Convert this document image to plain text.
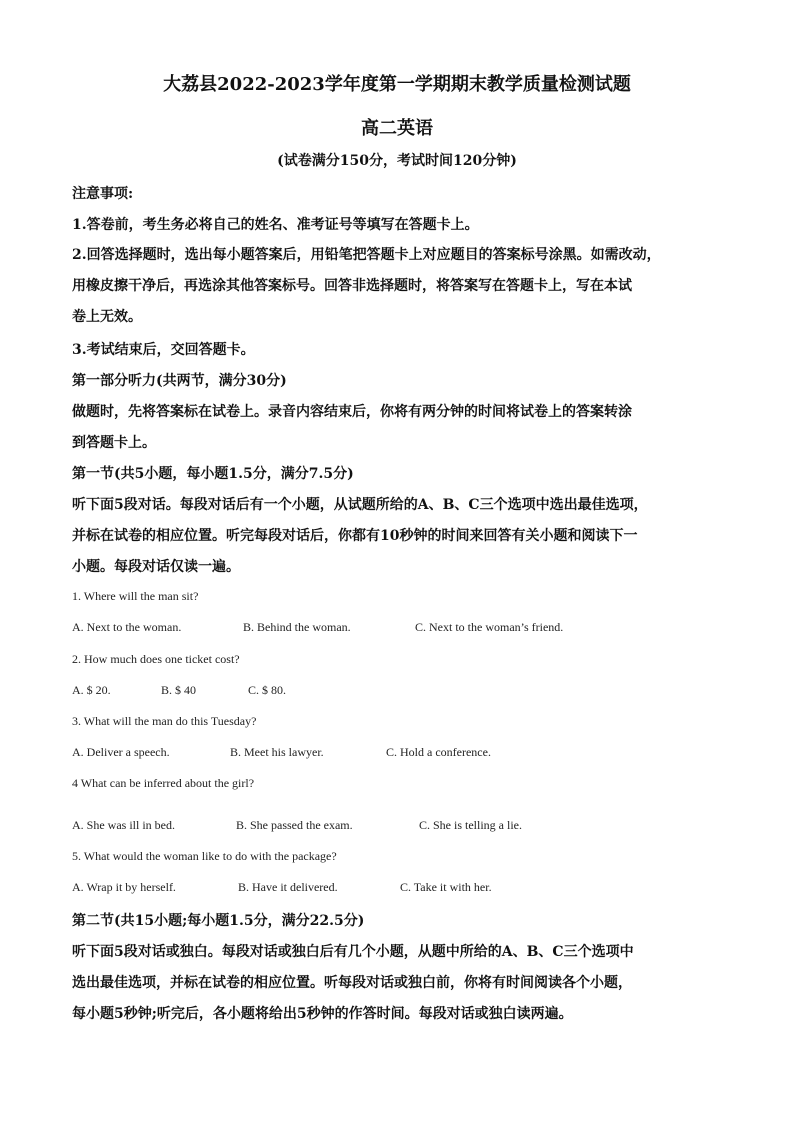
大荔县2022-2023学年度第一学期期末教学质量检测试题
高二英语
(试卷满分150分，考试时间120分钟)
注意事项:
1.答卷前，考生务必将自己的姓名、准考证号等填写在答题卡上。
2.回答选择题时，选出每小题答案后，用铅笔把答题卡上对应题目的答案标号涂黑。如需改动，
用橡皮擦干净后，再选涂其他答案标号。回答非选择题时，将答案写在答题卡上，写在本试
卷上无效。
3.考试结束后，交回答题卡。
第一部分听力(共两节，满分30分)
做题时，先将答案标在试卷上。录音内容结束后，你将有两分钟的时间将试卷上的答案转涂
到答题卡上。
第一节(共5小题，每小题1.5分，满分7.5分)
听下面5段对话。每段对话后有一个小题，从试题所给的A、B、C三个选项中选出最佳选项，
并标在试卷的相应位置。听完每段对话后，你都有10秒钟的时间来回答有关小题和阅读下一
小题。每段对话仅读一遍。
1. Where will the man sit?
A. Next to the woman.	B. Behind the woman.	C. Next to the woman’s friend.
2. How much does one ticket cost?
A. $ 20.	B. $ 40	C. $ 80.
3. What will the man do this Tuesday?
A. Deliver a speech.	B. Meet his lawyer.	C. Hold a conference.
4 What can be inferred about the girl?
A. She was ill in bed.	B. She passed the exam.	C. She is telling a lie.
5. What would the woman like to do with the package?
A. Wrap it by herself.	B. Have it delivered.	C. Take it with her.
第二节(共15小题;每小题1.5分，满分22.5分)
听下面5段对话或独白。每段对话或独白后有几个小题，从题中所给的A、B、C三个选项中
选出最佳选项，并标在试卷的相应位置。听每段对话或独白前，你将有时间阅读各个小题，
每小题5秒钟;听完后，各小题将给出5秒钟的作答时间。每段对话或独白读两遍。
